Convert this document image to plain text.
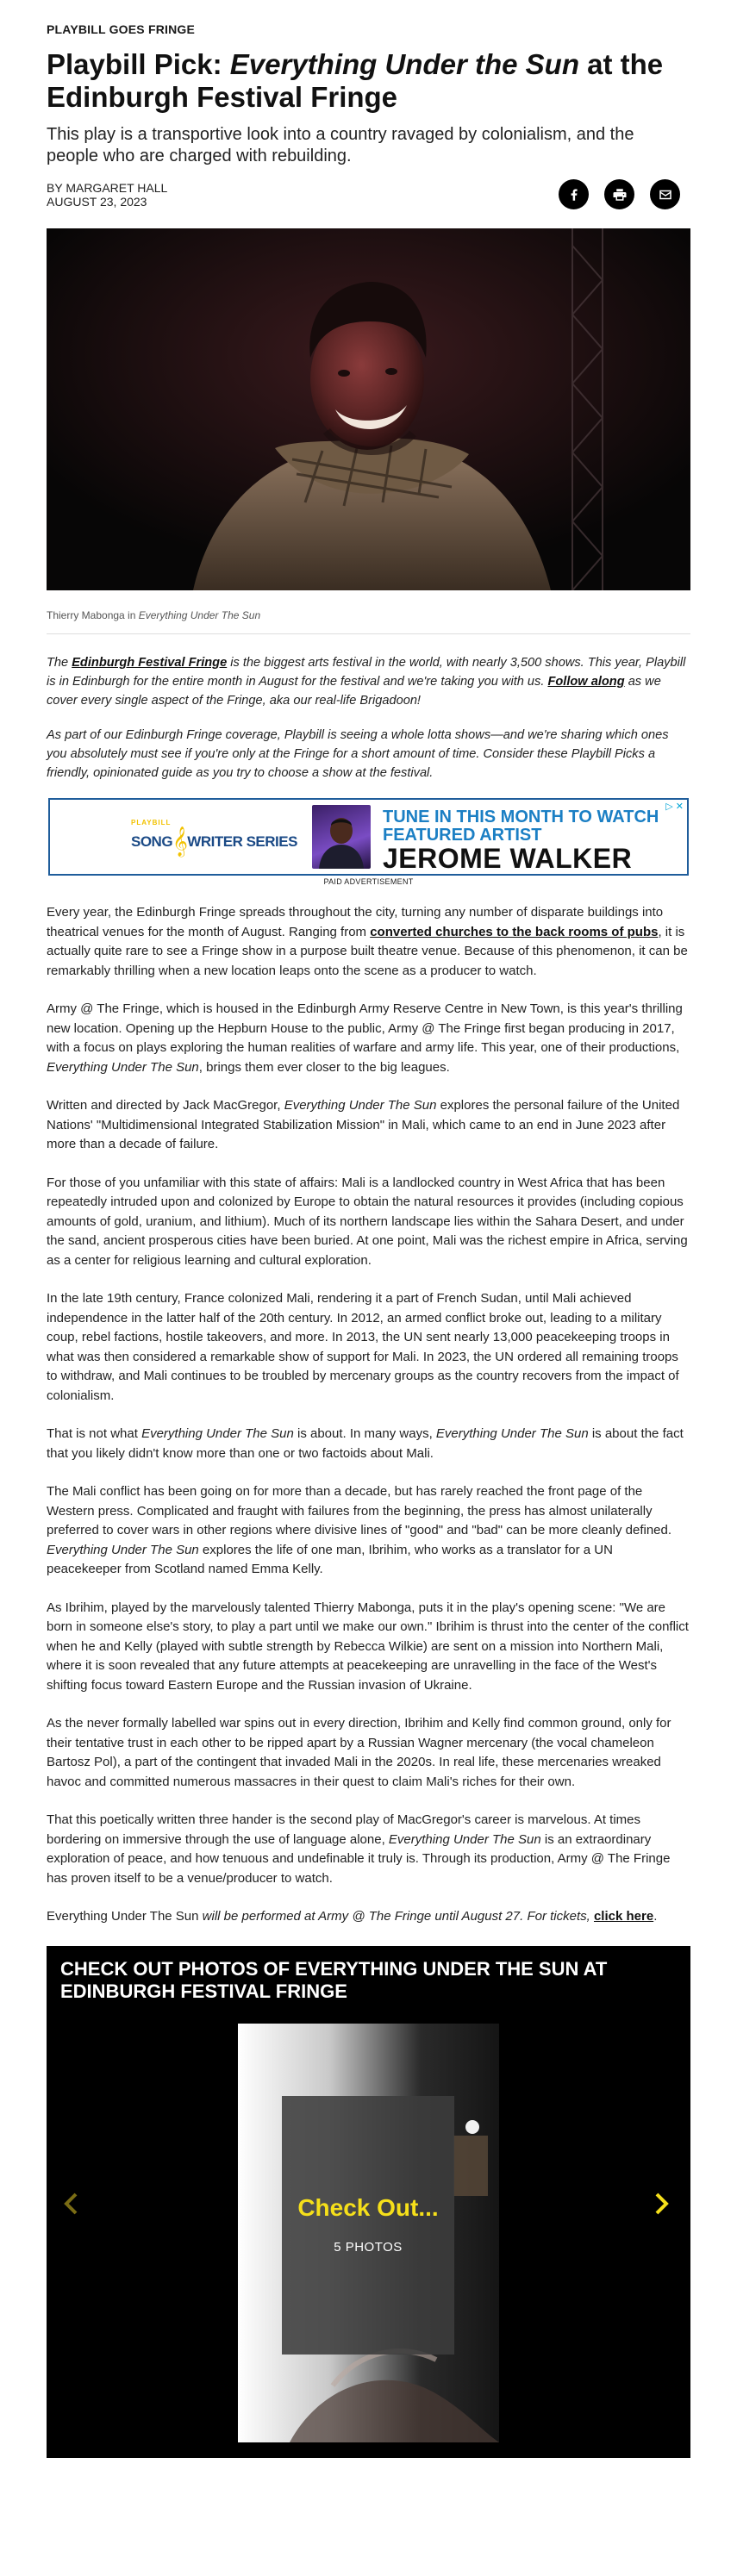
PLAYBILL GOES FRINGE
Playbill Pick: Everything Under the Sun at the Edinburgh Festival Fringe
This play is a transportive look into a country ravaged by colonialism, and the people who are charged with rebuilding.
BY MARGARET HALL
AUGUST 23, 2023
Thierry Mabonga in Everything Under The Sun

The Edinburgh Festival Fringe is the biggest arts festival in the world, with nearly 3,500 shows. This year, Playbill is in Edinburgh for the entire month in August for the festival and we're taking you with us. Follow along as we cover every single aspect of the Fringe, aka our real-life Brigadoon!

As part of our Edinburgh Fringe coverage, Playbill is seeing a whole lotta shows—and we're sharing which ones you absolutely must see if you're only at the Fringe for a short amount of time. Consider these Playbill Picks a friendly, opinionated guide as you try to choose a show at the festival.

▷ ✕
PLAYBILL
SONG𝄞WRITER SERIES
TUNE IN THIS MONTH TO WATCH
FEATURED ARTIST
JEROME WALKER
PAID ADVERTISEMENT

Every year, the Edinburgh Fringe spreads throughout the city, turning any number of disparate buildings into theatrical venues for the month of August. Ranging from converted churches to the back rooms of pubs, it is actually quite rare to see a Fringe show in a purpose built theatre venue. Because of this phenomenon, it can be remarkably thrilling when a new location leaps onto the scene as a producer to watch.

Army @ The Fringe, which is housed in the Edinburgh Army Reserve Centre in New Town, is this year's thrilling new location. Opening up the Hepburn House to the public, Army @ The Fringe first began producing in 2017, with a focus on plays exploring the human realities of warfare and army life. This year, one of their productions, Everything Under The Sun, brings them ever closer to the big leagues.

Written and directed by Jack MacGregor, Everything Under The Sun explores the personal failure of the United Nations' "Multidimensional Integrated Stabilization Mission" in Mali, which came to an end in June 2023 after more than a decade of failure.

For those of you unfamiliar with this state of affairs: Mali is a landlocked country in West Africa that has been repeatedly intruded upon and colonized by Europe to obtain the natural resources it provides (including copious amounts of gold, uranium, and lithium). Much of its northern landscape lies within the Sahara Desert, and under the sand, ancient prosperous cities have been buried. At one point, Mali was the richest empire in Africa, serving as a center for religious learning and cultural exploration.

In the late 19th century, France colonized Mali, rendering it a part of French Sudan, until Mali achieved independence in the latter half of the 20th century. In 2012, an armed conflict broke out, leading to a military coup, rebel factions, hostile takeovers, and more. In 2013, the UN sent nearly 13,000 peacekeeping troops in what was then considered a remarkable show of support for Mali. In 2023, the UN ordered all remaining troops to withdraw, and Mali continues to be troubled by mercenary groups as the country recovers from the impact of colonialism.

That is not what Everything Under The Sun is about. In many ways, Everything Under The Sun is about the fact that you likely didn't know more than one or two factoids about Mali.

The Mali conflict has been going on for more than a decade, but has rarely reached the front page of the Western press. Complicated and fraught with failures from the beginning, the press has almost unilaterally preferred to cover wars in other regions where divisive lines of "good" and "bad" can be more cleanly defined. Everything Under The Sun explores the life of one man, Ibrihim, who works as a translator for a UN peacekeeper from Scotland named Emma Kelly.

As Ibrihim, played by the marvelously talented Thierry Mabonga, puts it in the play's opening scene: "We are born in someone else's story, to play a part until we make our own." Ibrihim is thrust into the center of the conflict when he and Kelly (played with subtle strength by Rebecca Wilkie) are sent on a mission into Northern Mali, where it is soon revealed that any future attempts at peacekeeping are unravelling in the face of the West's shifting focus toward Eastern Europe and the Russian invasion of Ukraine.

As the never formally labelled war spins out in every direction, Ibrihim and Kelly find common ground, only for their tentative trust in each other to be ripped apart by a Russian Wagner mercenary (the vocal chameleon Bartosz Pol), a part of the contingent that invaded Mali in the 2020s. In real life, these mercenaries wreaked havoc and committed numerous massacres in their quest to claim Mali's riches for their own.

That this poetically written three hander is the second play of MacGregor's career is marvelous. At times bordering on immersive through the use of language alone, Everything Under The Sun is an extraordinary exploration of peace, and how tenuous and undefinable it truly is. Through its production, Army @ The Fringe has proven itself to be a venue/producer to watch.

Everything Under The Sun will be performed at Army @ The Fringe until August 27. For tickets, click here.

CHECK OUT PHOTOS OF EVERYTHING UNDER THE SUN AT EDINBURGH FESTIVAL FRINGE
Check Out...
5 PHOTOS
